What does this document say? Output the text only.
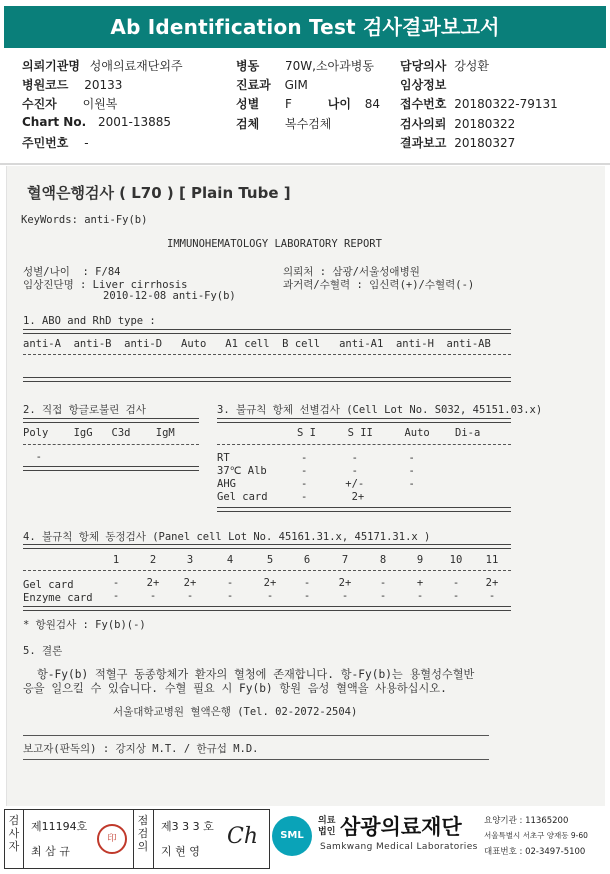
Ab Identification Test 검사결과보고서
의뢰기관명 성애의료재단외주
병원코드 20133
수진자 이원복
Chart No. 2001-13885
주민번호 -
병동 70W,소아과병동
진료과 GIM
성별 F	나이 84
검체 복수검체
담당의사 강성환
임상정보
접수번호 20180322-79131
검사의뢰 20180322
결과보고 20180327
혈액은행검사 ( L70 ) [ Plain Tube ]
KeyWords: anti-Fy(b)
IMMUNOHEMATOLOGY LABORATORY REPORT
성별/나이  : F/84
임상진단명 : Liver cirrhosis
2010-12-08 anti-Fy(b)
의뢰처 : 삼광/서울성애병원
과거력/수혈력 : 임신력(+)/수혈력(-)
1. ABO and RhD type :
anti-A  anti-B  anti-D   Auto   A1 cell  B cell   anti-A1  anti-H  anti-AB
2. 직접 항글로불린 검사
Poly    IgG   C3d    IgM
-
3. 불규칙 항체 선별검사 (Cell Lot No. S032, 45151.03.x)
S I     S II     Auto    Di-a
RT	-       -        -
37℃ Alb	-       -        -
AHG	-      +/-       -
Gel card	-       2+
4. 불규칙 항체 동정검사 (Panel cell Lot No. 45161.31.x, 45171.31.x )
1	2	3	4	5	6	7	8	9	10	11
Gel card	-	2+	2+	-	2+	-	2+	-	+	-	2+
Enzyme card	-	-	-	-	-	-	-	-	-	-	-
* 항원검사 : Fy(b)(-)
5. 결론
항-Fy(b) 적혈구 동종항체가 환자의 혈청에 존재합니다. 항-Fy(b)는 용혈성수혈반
응을 일으킬 수 있습니다. 수혈 필요 시 Fy(b) 항원 음성 혈액을 사용하십시오.
서울대학교병원 혈액은행 (Tel. 02-2072-2504)
보고자(판독의) : 강지상 M.T. / 한규섭 M.D.
검사자
제11194호
최 삼 규
印
점검의
제3 3 3 호
지 현 영
Ch	SML
의료
법인 삼광의료재단
Samkwang Medical Laboratories
요양기관 : 11365200
서울특별시 서초구 양재동 9-60
대표번호 : 02-3497-5100
